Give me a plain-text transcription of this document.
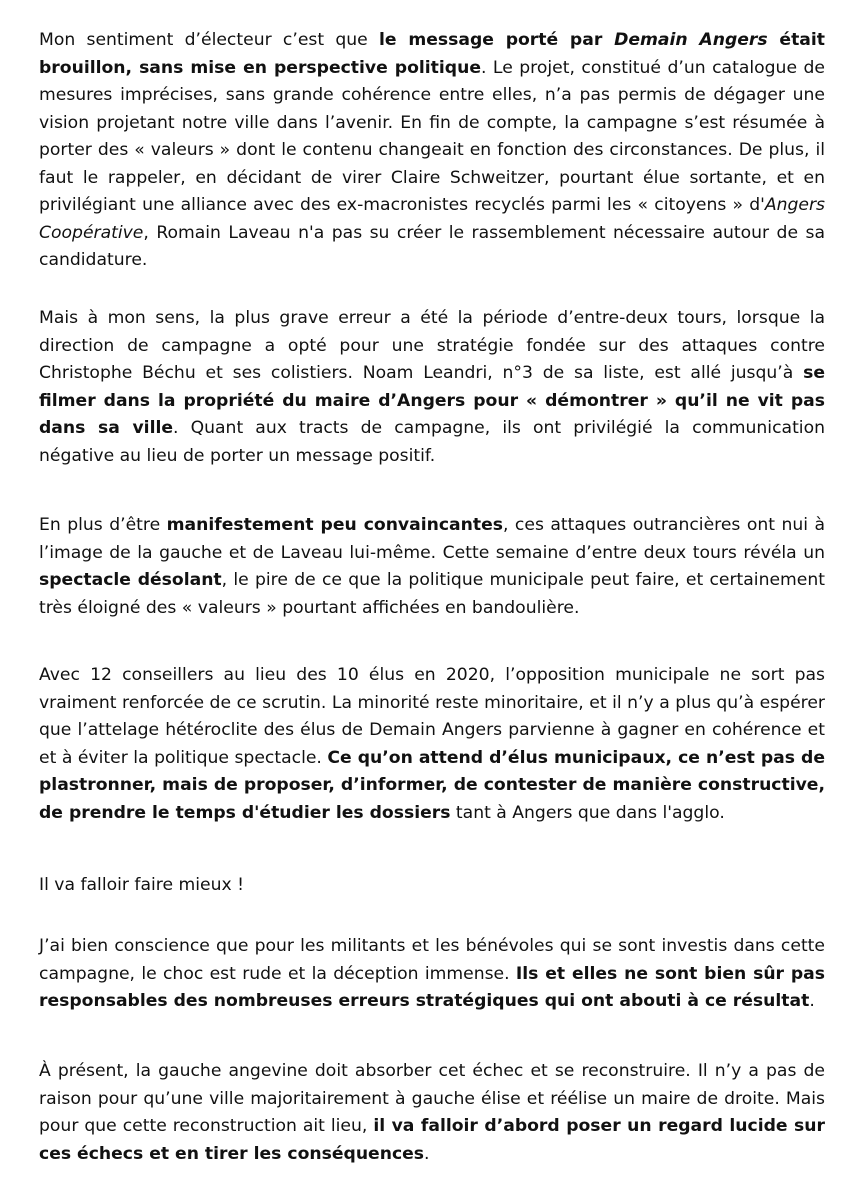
Mon sentiment d’électeur c’est que le message porté par Demain Angers était brouillon, sans mise en perspective politique. Le projet, constitué d’un catalogue de mesures imprécises, sans grande cohérence entre elles, n’a pas permis de dégager une vision projetant notre ville dans l’avenir. En fin de compte, la campagne s’est résumée à porter des « valeurs » dont le contenu changeait en fonction des circonstances. De plus, il faut le rappeler, en décidant de virer Claire Schweitzer, pourtant élue sortante, et en privilégiant une alliance avec des ex-macronistes recyclés parmi les « citoyens » d'Angers Coopérative, Romain Laveau n'a pas su créer le rassemblement nécessaire autour de sa candidature.

Mais à mon sens, la plus grave erreur a été la période d’entre-deux tours, lorsque la direction de campagne a opté pour une stratégie fondée sur des attaques contre Christophe Béchu et ses colistiers. Noam Leandri, n°3 de sa liste, est allé jusqu’à se filmer dans la propriété du maire d’Angers pour « démontrer » qu’il ne vit pas dans sa ville. Quant aux tracts de campagne, ils ont privilégié la communication négative au lieu de porter un message positif.

En plus d’être manifestement peu convaincantes, ces attaques outrancières ont nui à l’image de la gauche et de Laveau lui-même. Cette semaine d’entre deux tours révéla un spectacle désolant, le pire de ce que la politique municipale peut faire, et certainement très éloigné des « valeurs » pourtant affichées en bandoulière.

Avec 12 conseillers au lieu des 10 élus en 2020, l’opposition municipale ne sort pas vraiment renforcée de ce scrutin. La minorité reste minoritaire, et il n’y a plus qu’à espérer que l’attelage hétéroclite des élus de Demain Angers parvienne à gagner en cohérence et et à éviter la politique spectacle. Ce qu’on attend d’élus municipaux, ce n’est pas de plastronner, mais de proposer, d’informer, de contester de manière constructive, de prendre le temps d'étudier les dossiers tant à Angers que dans l'agglo.

Il va falloir faire mieux !

J’ai bien conscience que pour les militants et les bénévoles qui se sont investis dans cette campagne, le choc est rude et la déception immense. Ils et elles ne sont bien sûr pas responsables des nombreuses erreurs stratégiques qui ont abouti à ce résultat.

À présent, la gauche angevine doit absorber cet échec et se reconstruire. Il n’y a pas de raison pour qu’une ville majoritairement à gauche élise et réélise un maire de droite. Mais pour que cette reconstruction ait lieu, il va falloir d’abord poser un regard lucide sur ces échecs et en tirer les conséquences.
